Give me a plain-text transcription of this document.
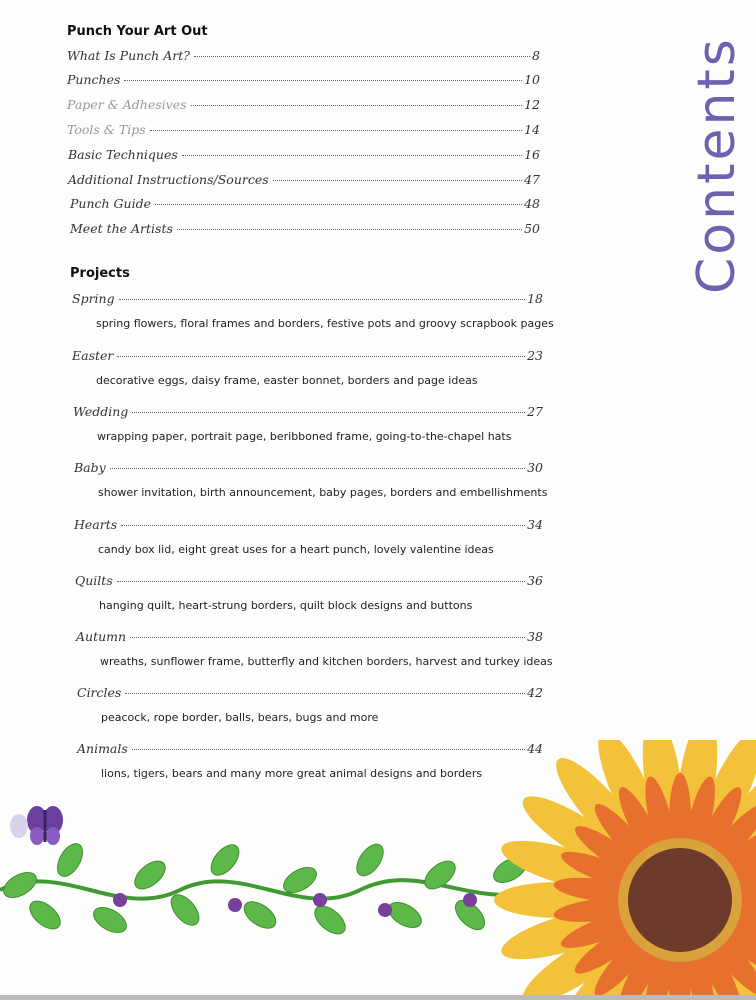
Contents
Punch Your Art Out
What Is Punch Art?	8
Punches	10
Paper & Adhesives	12
Tools & Tips	14
Basic Techniques	16
Additional Instructions/Sources	47
Punch Guide	48
Meet the Artists	50
Projects
Spring	18
spring flowers, floral frames and borders, festive pots and groovy scrapbook pages
Easter	23
decorative eggs, daisy frame, easter bonnet, borders and page ideas
Wedding	27
wrapping paper, portrait page, beribboned frame, going-to-the-chapel hats
Baby	30
shower invitation, birth announcement, baby pages, borders and embellishments
Hearts	34
candy box lid, eight great uses for a heart punch, lovely valentine ideas
Quilts	36
hanging quilt, heart-strung borders, quilt block designs and buttons
Autumn	38
wreaths, sunflower frame, butterfly and kitchen borders, harvest and turkey ideas
Circles	42
peacock, rope border, balls, bears, bugs and more
Animals	44
lions, tigers, bears and many more great animal designs and borders
